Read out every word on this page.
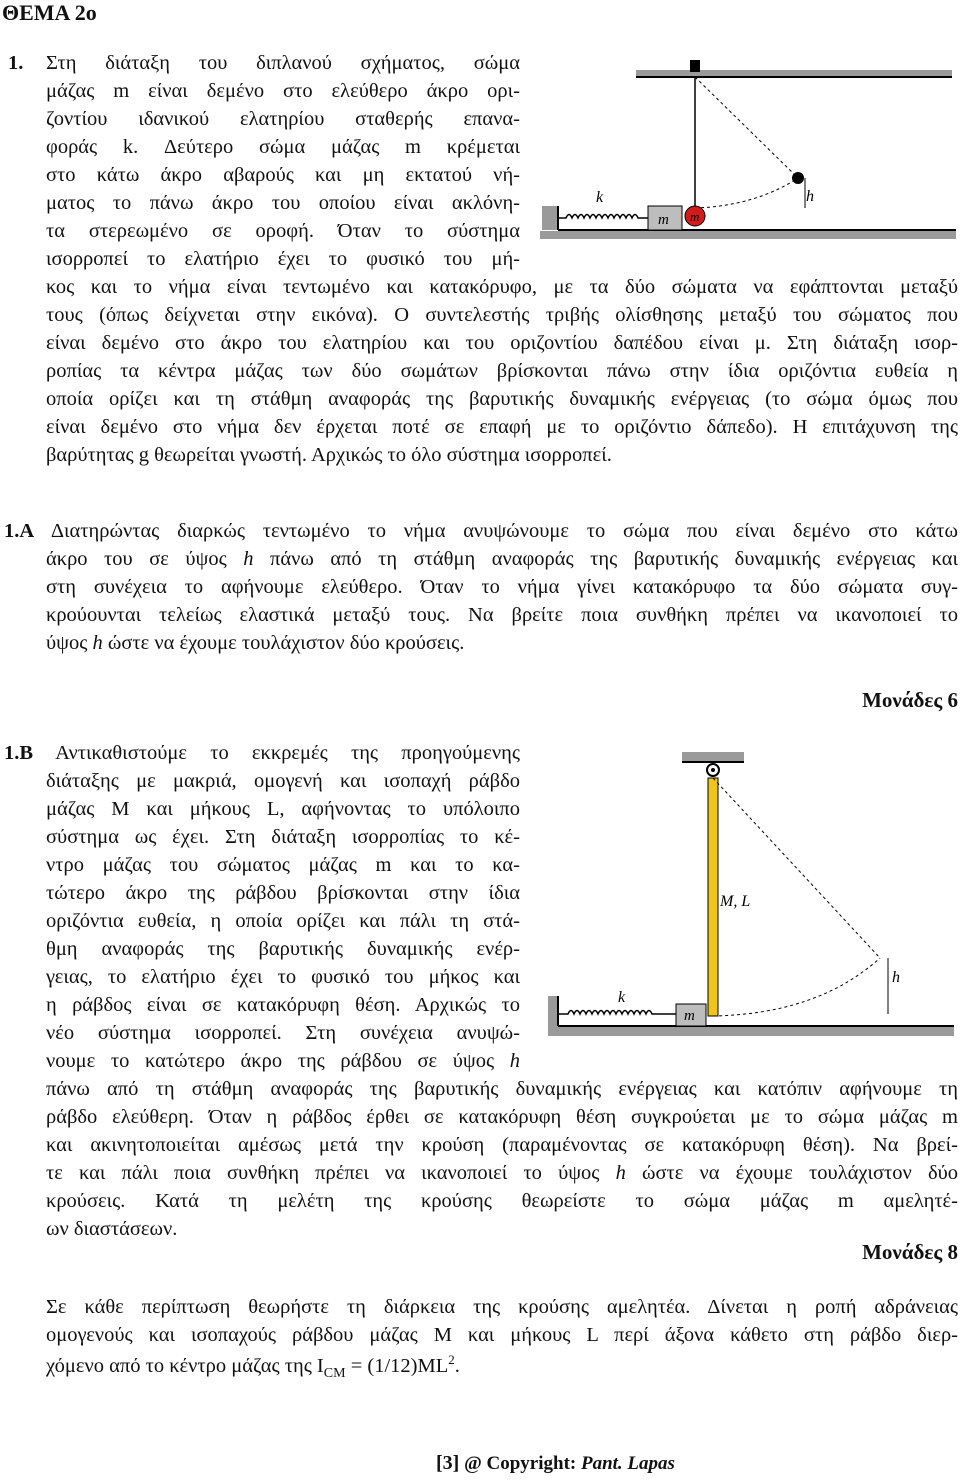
ΘΕΜΑ 2ο
1. Στη διάταξη του διπλανού σχήματος, σώμα
μάζας m είναι δεμένο στο ελεύθερο άκρο ορι-
ζοντίου ιδανικού ελατηρίου σταθερής επανα-
φοράς k. Δεύτερο σώμα μάζας m κρέμεται
στο κάτω άκρο αβαρούς και μη εκτατού νή-
ματος το πάνω άκρο του οποίου είναι ακλόνη-
τα στερεωμένο σε οροφή. Όταν το σύστημα
ισορροπεί το ελατήριο έχει το φυσικό του μή-
κος και το νήμα είναι τεντωμένο και κατακόρυφο, με τα δύο σώματα να εφάπτονται μεταξύ
τους (όπως δείχνεται στην εικόνα). Ο συντελεστής τριβής ολίσθησης μεταξύ του σώματος που
είναι δεμένο στο άκρο του ελατηρίου και του οριζοντίου δαπέδου είναι μ. Στη διάταξη ισορ-
ροπίας τα κέντρα μάζας των δύο σωμάτων βρίσκονται πάνω στην ίδια οριζόντια ευθεία η
οποία ορίζει και τη στάθμη αναφοράς της βαρυτικής δυναμικής ενέργειας (το σώμα όμως που
είναι δεμένο στο νήμα δεν έρχεται ποτέ σε επαφή με το οριζόντιο δάπεδο). Η επιτάχυνση της
βαρύτητας g θεωρείται γνωστή. Αρχικώς το όλο σύστημα ισορροπεί.
h
k
m m
1.Α Διατηρώντας διαρκώς τεντωμένο το νήμα ανυψώνουμε το σώμα που είναι δεμένο στο κάτω
άκρο του σε ύψος h πάνω από τη στάθμη αναφοράς της βαρυτικής δυναμικής ενέργειας και
στη συνέχεια το αφήνουμε ελεύθερο. Όταν το νήμα γίνει κατακόρυφο τα δύο σώματα συγ-
κρούουνται τελείως ελαστικά μεταξύ τους. Να βρείτε ποια συνθήκη πρέπει να ικανοποιεί το
ύψος h ώστε να έχουμε τουλάχιστον δύο κρούσεις.
Μονάδες 6
1.Β Αντικαθιστούμε το εκκρεμές της προηγούμενης
διάταξης με μακριά, ομογενή και ισοπαχή ράβδο
μάζας Μ και μήκους L, αφήνοντας το υπόλοιπο
σύστημα ως έχει. Στη διάταξη ισορροπίας το κέ-
ντρο μάζας του σώματος μάζας m και το κα-
τώτερο άκρο της ράβδου βρίσκονται στην ίδια
οριζόντια ευθεία, η οποία ορίζει και πάλι τη στά-
θμη αναφοράς της βαρυτικής δυναμικής ενέρ-
γειας, το ελατήριο έχει το φυσικό του μήκος και
η ράβδος είναι σε κατακόρυφη θέση. Αρχικώς το
νέο σύστημα ισορροπεί. Στη συνέχεια ανυψώ-
νουμε το κατώτερο άκρο της ράβδου σε ύψος h
πάνω από τη στάθμη αναφοράς της βαρυτικής δυναμικής ενέργειας και κατόπιν αφήνουμε τη
ράβδο ελεύθερη. Όταν η ράβδος έρθει σε κατακόρυφη θέση συγκρούεται με το σώμα μάζας m
και ακινητοποιείται αμέσως μετά την κρούση (παραμένοντας σε κατακόρυφη θέση). Να βρεί-
τε και πάλι ποια συνθήκη πρέπει να ικανοποιεί το ύψος h ώστε να έχουμε τουλάχιστον δύο
κρούσεις. Κατά τη μελέτη της κρούσης θεωρείστε το σώμα μάζας m αμελητέ-
ων διαστάσεων.
Μονάδες 8
h
M, L
k
m
Σε κάθε περίπτωση θεωρήστε τη διάρκεια της κρούσης αμελητέα. Δίνεται η ροπή αδράνειας
ομογενούς και ισοπαχούς ράβδου μάζας Μ και μήκους L περί άξονα κάθετο στη ράβδο διερ-
χόμενο από το κέντρο μάζας της $I_{CM} = (1/12)ML^2$.
[3] @ Copyright: Pant. Lapas
